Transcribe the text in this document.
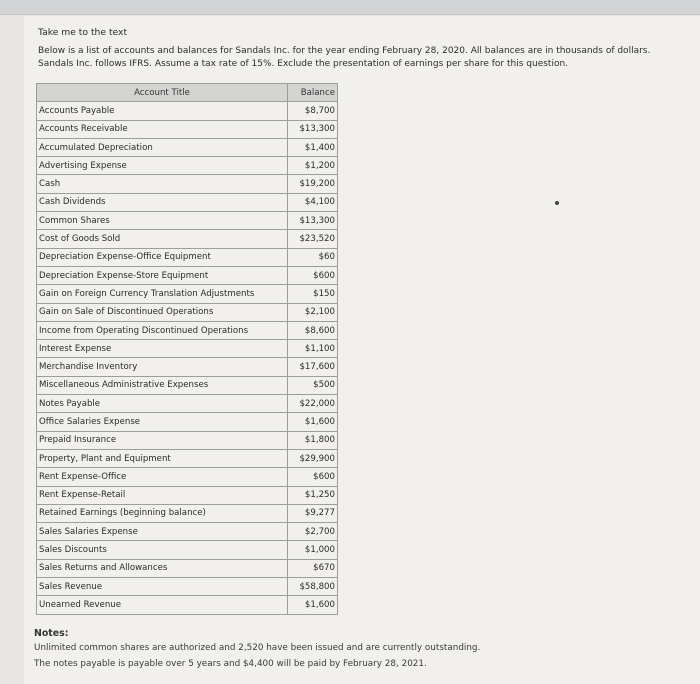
Take me to the text
Below is a list of accounts and balances for Sandals Inc. for the year ending February 28, 2020. All balances are in thousands of dollars. Sandals Inc. follows IFRS. Assume a tax rate of 15%. Exclude the presentation of earnings per share for this question.
Account Title	Balance
Accounts Payable	$8,700
Accounts Receivable	$13,300
Accumulated Depreciation	$1,400
Advertising Expense	$1,200
Cash	$19,200
Cash Dividends	$4,100
Common Shares	$13,300
Cost of Goods Sold	$23,520
Depreciation Expense-Office Equipment	$60
Depreciation Expense-Store Equipment	$600
Gain on Foreign Currency Translation Adjustments	$150
Gain on Sale of Discontinued Operations	$2,100
Income from Operating Discontinued Operations	$8,600
Interest Expense	$1,100
Merchandise Inventory	$17,600
Miscellaneous Administrative Expenses	$500
Notes Payable	$22,000
Office Salaries Expense	$1,600
Prepaid Insurance	$1,800
Property, Plant and Equipment	$29,900
Rent Expense-Office	$600
Rent Expense-Retail	$1,250
Retained Earnings (beginning balance)	$9,277
Sales Salaries Expense	$2,700
Sales Discounts	$1,000
Sales Returns and Allowances	$670
Sales Revenue	$58,800
Unearned Revenue	$1,600
Notes:
Unlimited common shares are authorized and 2,520 have been issued and are currently outstanding.
The notes payable is payable over 5 years and $4,400 will be paid by February 28, 2021.
